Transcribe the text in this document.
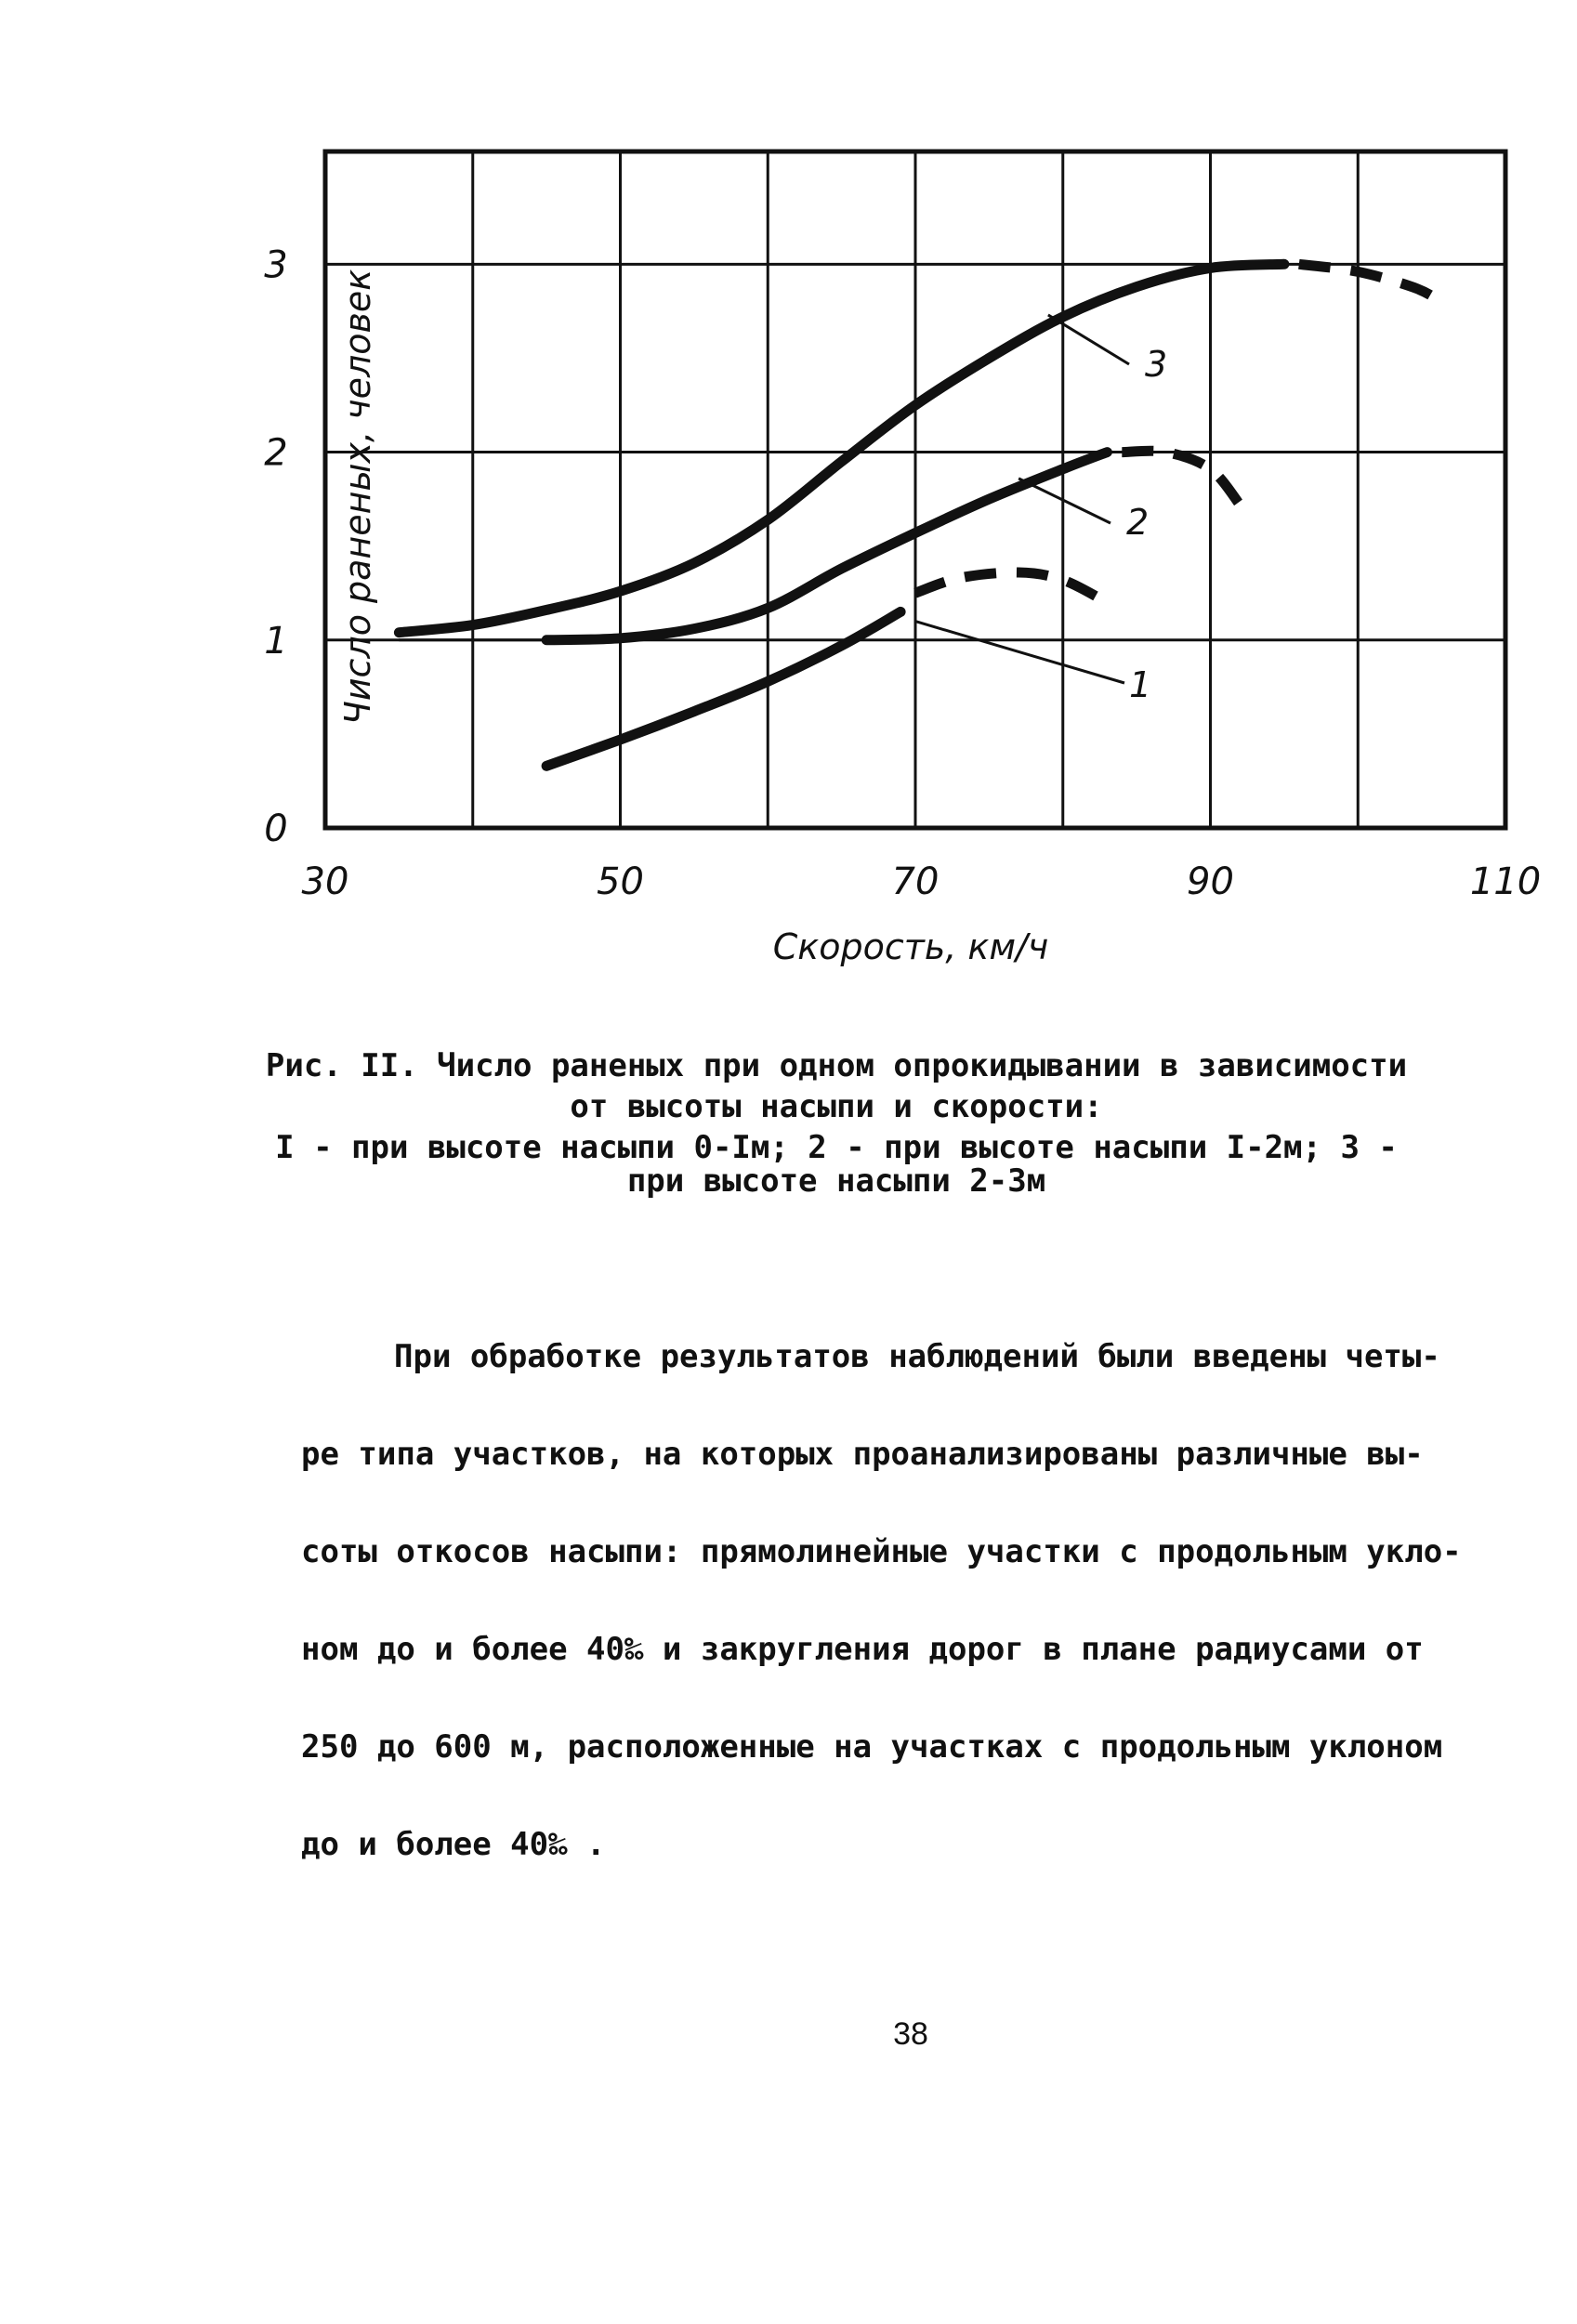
3
2
1
30	50	70	90	110
0
1
2
3
Скорость, км/ч
Число раненых, человек
Рис. II. Число раненых при одном опрокидывании в зависимости
от высоты насыпи и скорости:
I - при высоте насыпи 0-Iм; 2 - при высоте насыпи I-2м; 3 -
при высоте насыпи 2-3м
При обработке результатов наблюдений были введены четы-
ре типа участков, на которых проанализированы различные вы-
соты откосов насыпи: прямолинейные участки с продольным укло-
ном до и более 40‰ и закругления дорог в плане радиусами от
250 до 600 м, расположенные на участках с продольным уклоном
до и более 40‰ .
38
